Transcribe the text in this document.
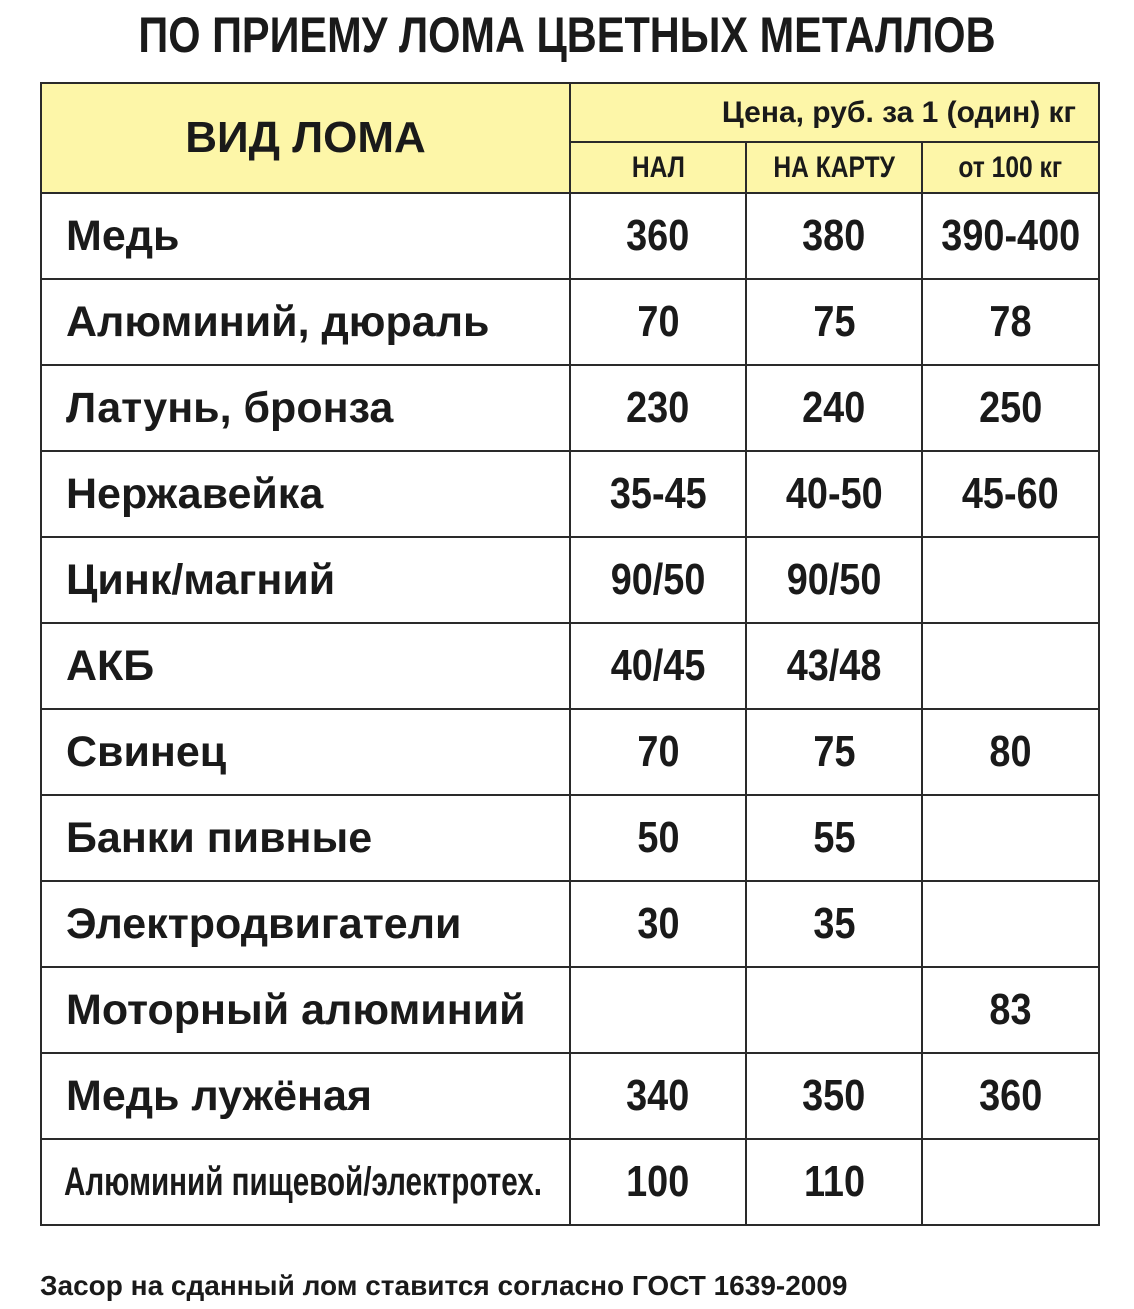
ПО ПРИЕМУ ЛОМА ЦВЕТНЫХ МЕТАЛЛОВ
ВИД ЛОМА	Цена, руб. за 1 (один) кг		
	НАЛ	НА КАРТУ	от 100 кг
Медь	360	380	390-400
Алюминий, дюраль	70	75	78
Латунь, бронза	230	240	250
Нержавейка	35-45	40-50	45-60
Цинк/магний	90/50	90/50	
АКБ	40/45	43/48	
Свинец	70	75	80
Банки пивные	50	55	
Электродвигатели	30	35	
Моторный алюминий			83
Медь лужёная	340	350	360
Алюминий пищевой/электротех.	100	110	
Засор на сданный лом ставится согласно ГОСТ 1639-2009
